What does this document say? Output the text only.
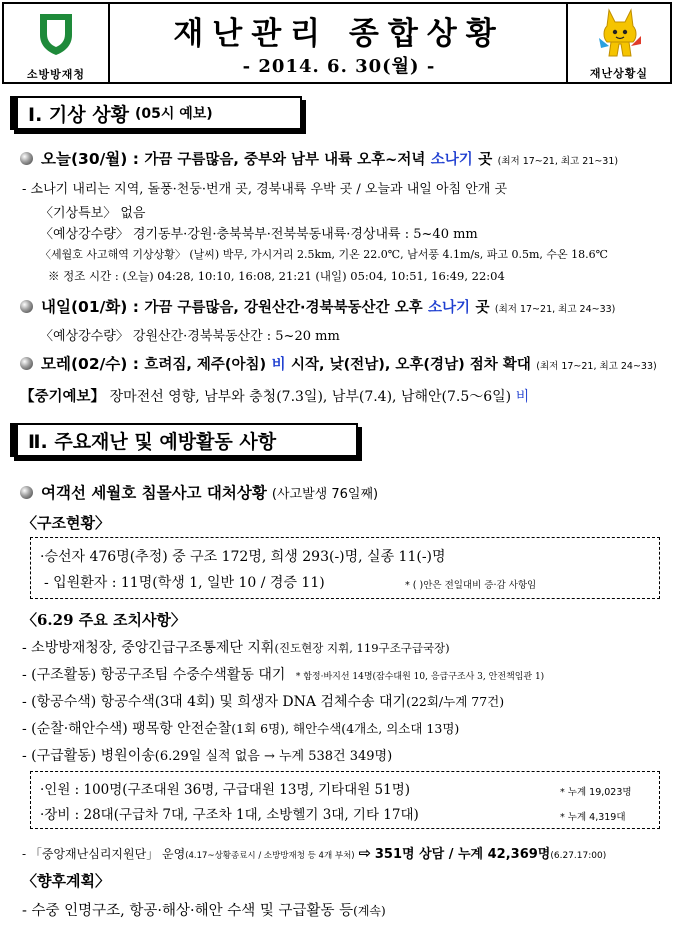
소방방재청
재난관리 종합상황
- 2014. 6. 30(월) -	재난상황실
Ⅰ. 기상 상황 (05시 예보)
오늘(30/월) : 가끔 구름많음, 중부와 남부 내륙 오후~저녁 소나기 곳 (최저 17~21, 최고 21~31)
- 소나기 내리는 지역, 돌풍·천둥·번개 곳, 경북내륙 우박 곳 / 오늘과 내일 아침 안개 곳
〈기상특보〉 없음
〈예상강수량〉 경기동부·강원·충북북부·전북북동내륙·경상내륙 : 5~40 mm
〈세월호 사고해역 기상상황〉 (날씨) 박무, 가시거리 2.5km, 기온 22.0℃, 남서풍 4.1m/s, 파고 0.5m, 수온 18.6℃
※ 정조 시간 : (오늘) 04:28, 10:10, 16:08, 21:21 (내일) 05:04, 10:51, 16:49, 22:04
내일(01/화) : 가끔 구름많음, 강원산간·경북북동산간 오후 소나기 곳 (최저 17~21, 최고 24~33)
〈예상강수량〉 강원산간·경북북동산간 : 5~20 mm
모레(02/수) : 흐려짐, 제주(아침) 비 시작, 낮(전남), 오후(경남) 점차 확대 (최저 17~21, 최고 24~33)
【중기예보】 장마전선 영향, 남부와 충청(7.3일), 남부(7.4), 남해안(7.5～6일) 비
Ⅱ. 주요재난 및 예방활동 사항
여객선 세월호 침몰사고 대처상황 (사고발생 76일째)
〈구조현황〉
·승선자 476명(추정) 중 구조 172명, 희생 293(-)명, 실종 11(-)명
- 입원환자 : 11명(학생 1, 일반 10 / 경증 11)	* ( )안은 전일대비 증·감 사항임
〈6.29 주요 조치사항〉
- 소방방재청장, 중앙긴급구조통제단 지휘(진도현장 지휘, 119구조구급국장)
- (구조활동) 항공구조팀 수중수색활동 대기 * 함정·바지선 14명(잠수대원 10, 응급구조사 3, 안전책임관 1)
- (항공수색) 항공수색(3대 4회) 및 희생자 DNA 검체수송 대기(22회/누계 77건)
- (순찰·해안수색) 팽목항 안전순찰(1회 6명), 해안수색(4개소, 의소대 13명)
- (구급활동) 병원이송(6.29일 실적 없음 → 누계 538건 349명)
·인원 : 100명(구조대원 36명, 구급대원 13명, 기타대원 51명)	* 누계 19,023명
·장비 : 28대(구급차 7대, 구조차 1대, 소방헬기 3대, 기타 17대)	* 누계 4,319대
- 「중앙재난심리지원단」 운영(4.17~상황종료시 / 소방방재청 등 4개 부처) ⇨ 351명 상담 / 누계 42,369명(6.27.17:00)
〈향후계획〉
- 수중 인명구조, 항공·해상·해안 수색 및 구급활동 등(계속)
